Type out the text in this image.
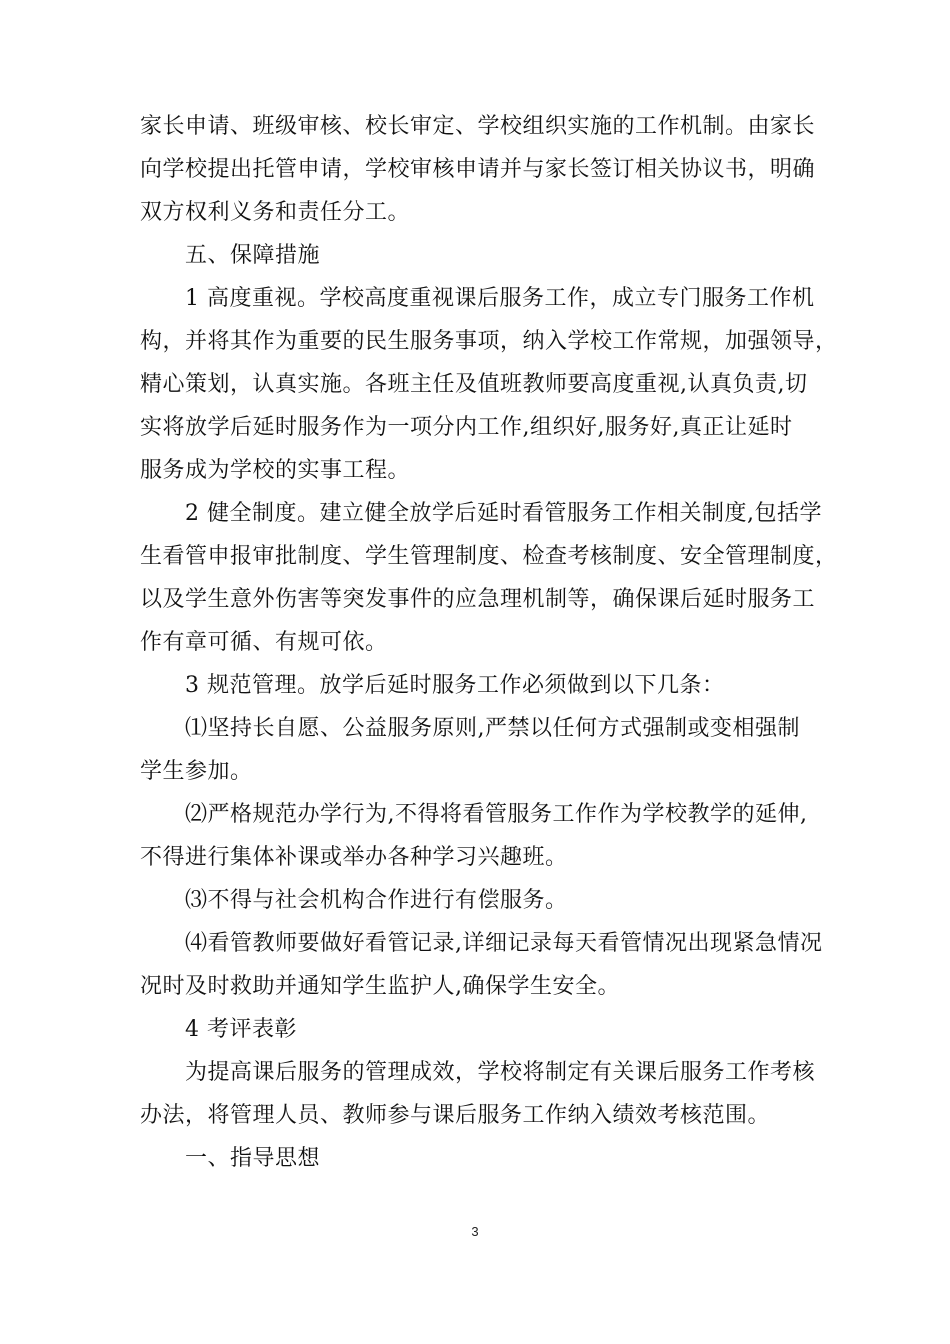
家长申请、班级审核、校长审定、学校组织实施的工作机制。由家长
向学校提出托管申请，学校审核申请并与家长签订相关协议书，明确
双方权利义务和责任分工。
五、保障措施
1 高度重视。学校高度重视课后服务工作，成立专门服务工作机
构，并将其作为重要的民生服务事项，纳入学校工作常规，加强领导，
精心策划，认真实施。各班主任及值班教师要高度重视,认真负责,切
实将放学后延时服务作为一项分内工作,组织好,服务好,真正让延时
服务成为学校的实事工程。
2 健全制度。建立健全放学后延时看管服务工作相关制度,包括学
生看管申报审批制度、学生管理制度、检查考核制度、安全管理制度，
以及学生意外伤害等突发事件的应急理机制等，确保课后延时服务工
作有章可循、有规可依。
3 规范管理。放学后延时服务工作必须做到以下几条：
⑴坚持长自愿、公益服务原则,严禁以任何方式强制或变相强制
学生参加。
⑵严格规范办学行为,不得将看管服务工作作为学校教学的延伸,
不得进行集体补课或举办各种学习兴趣班。
⑶不得与社会机构合作进行有偿服务。
⑷看管教师要做好看管记录,详细记录每天看管情况出现紧急情况
况时及时救助并通知学生监护人,确保学生安全。
4 考评表彰
为提高课后服务的管理成效，学校将制定有关课后服务工作考核
办法，将管理人员、教师参与课后服务工作纳入绩效考核范围。
一、指导思想
3
